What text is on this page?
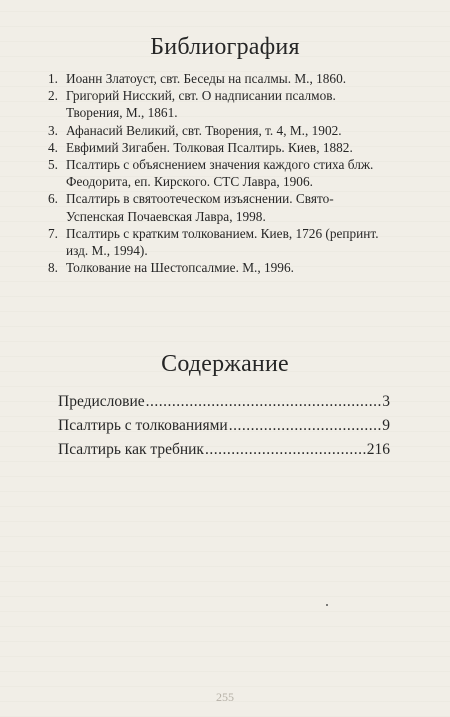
Библиография
1. Иоанн Златоуст, свт. Беседы на псалмы. М., 1860.
2. Григорий Нисский, свт. О надписании псалмов. Творения, М., 1861.
3. Афанасий Великий, свт. Творения, т. 4, М., 1902.
4. Евфимий Зигабен. Толковая Псалтирь. Киев, 1882.
5. Псалтирь с объяснением значения каждого стиха блж. Феодорита, еп. Кирского. СТС Лавра, 1906.
6. Псалтирь в святоотеческом изъяснении. Свято-Успенская Почаевская Лавра, 1998.
7. Псалтирь с кратким толкованием. Киев, 1726 (репринт. изд. М., 1994).
8. Толкование на Шестопсалмие. М., 1996.
Содержание
Предисловие .....	3
Псалтирь с толкованиями .....	9
Псалтирь как требник .....	216
255
